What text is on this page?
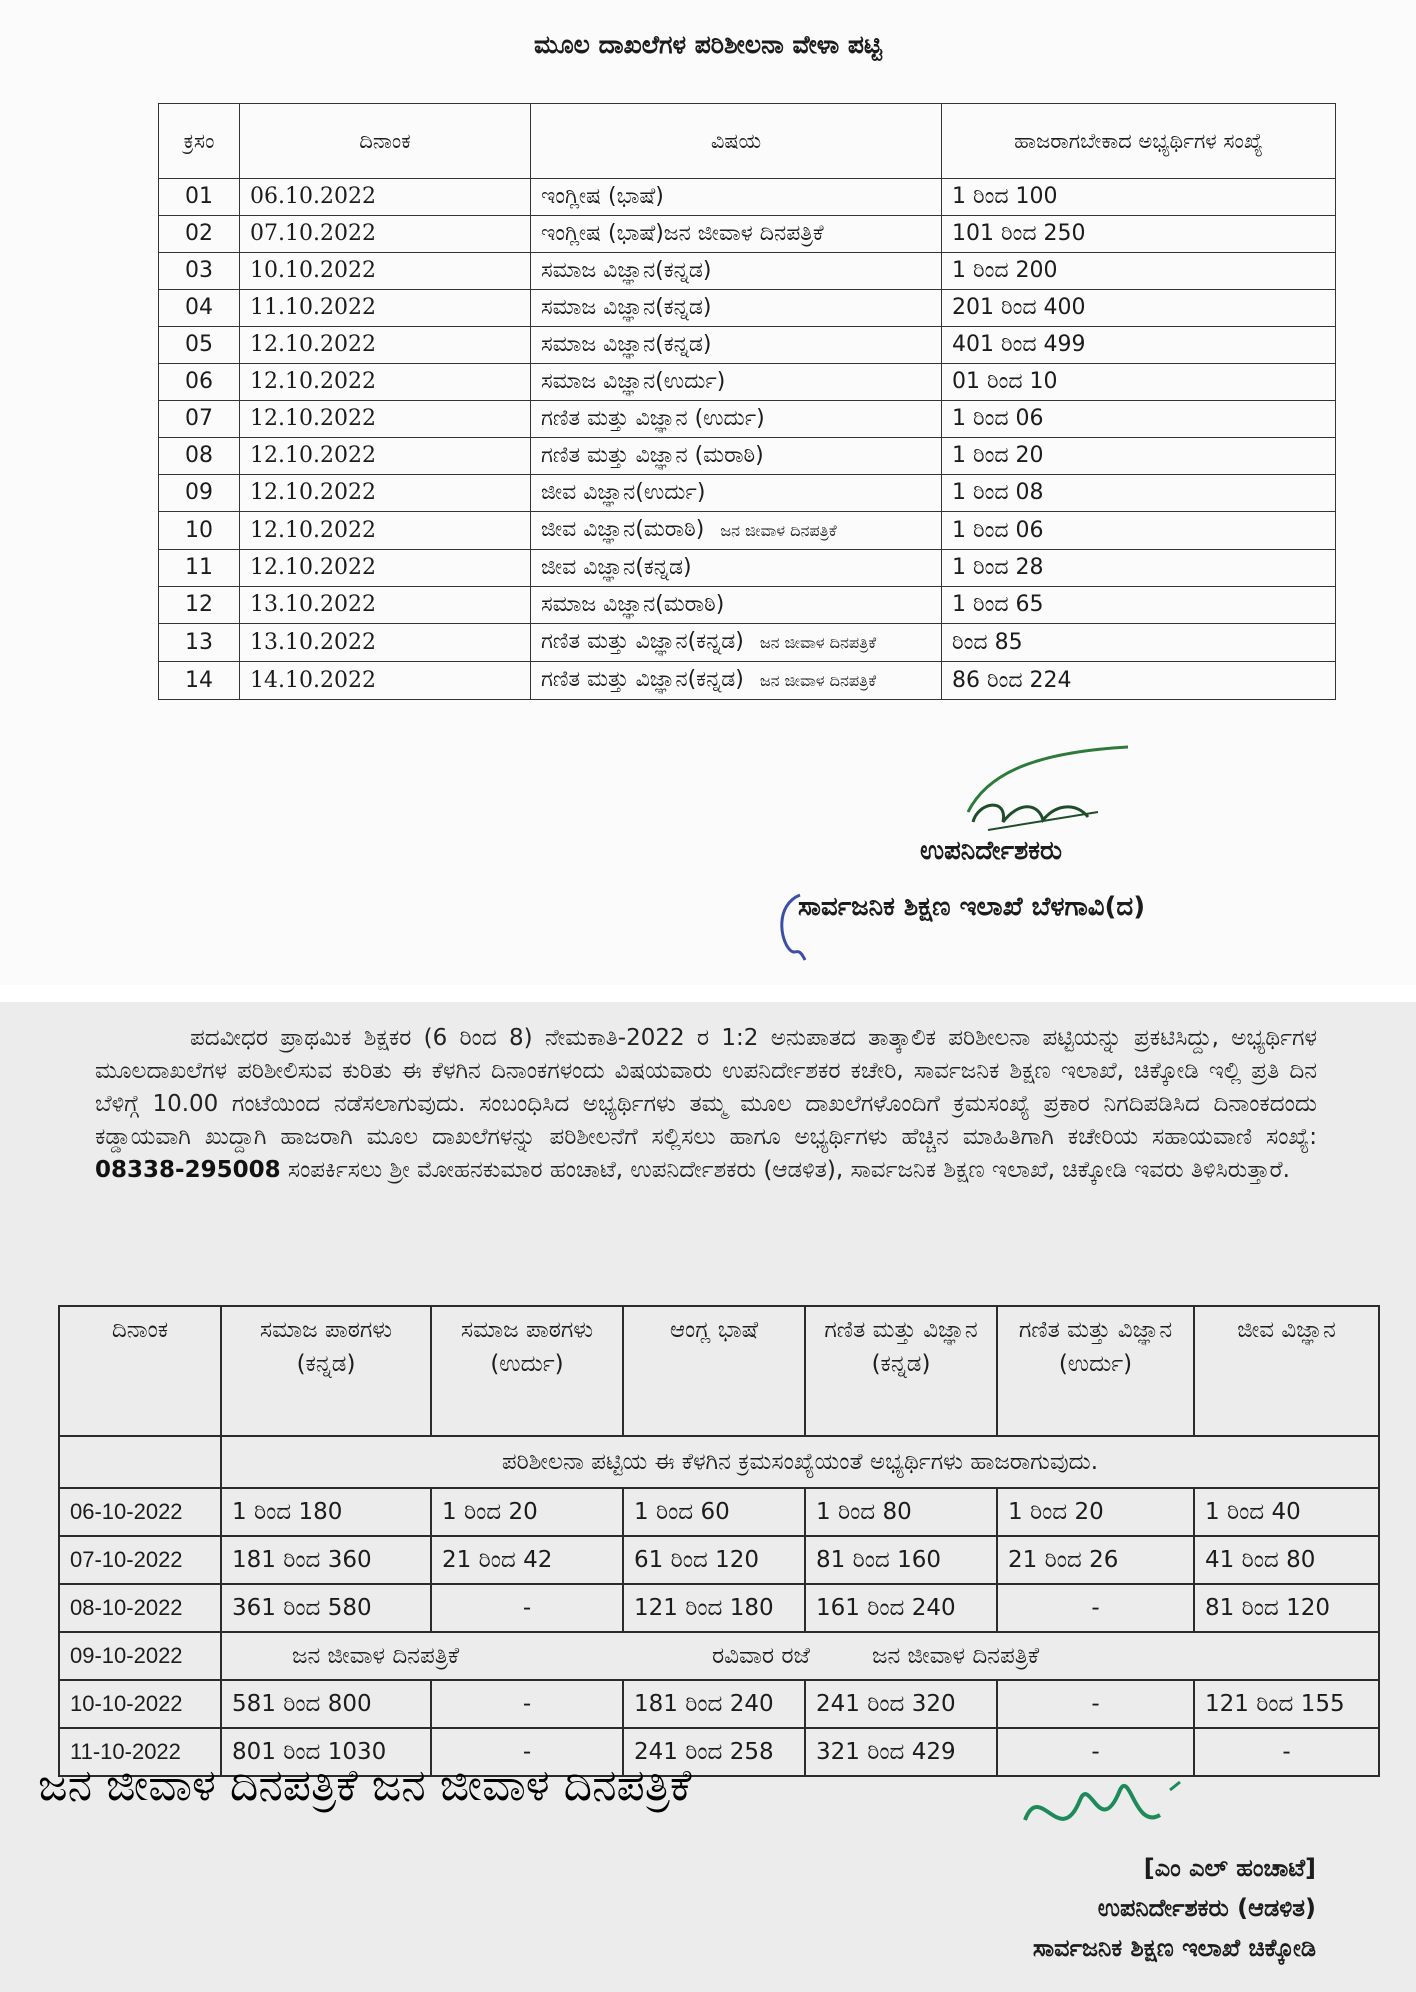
ಮೂಲ ದಾಖಲೆಗಳ ಪರಿಶೀಲನಾ ವೇಳಾ ಪಟ್ಟಿ
ಕ್ರಸಂ	ದಿನಾಂಕ	ವಿಷಯ	ಹಾಜರಾಗಬೇಕಾದ ಅಭ್ಯರ್ಥಿಗಳ ಸಂಖ್ಯೆ
01	06.10.2022	ಇಂಗ್ಲೀಷ (ಭಾಷೆ)	1 ರಿಂದ 100
02	07.10.2022	ಇಂಗ್ಲೀಷ (ಭಾಷೆ)ಜನ ಜೀವಾಳ ದಿನಪತ್ರಿಕೆ	101 ರಿಂದ 250
03	10.10.2022	ಸಮಾಜ ವಿಜ್ಞಾನ(ಕನ್ನಡ)	1 ರಿಂದ 200
04	11.10.2022	ಸಮಾಜ ವಿಜ್ಞಾನ(ಕನ್ನಡ)	201 ರಿಂದ 400
05	12.10.2022	ಸಮಾಜ ವಿಜ್ಞಾನ(ಕನ್ನಡ)	401 ರಿಂದ 499
06	12.10.2022	ಸಮಾಜ ವಿಜ್ಞಾನ(ಉರ್ದು)	01 ರಿಂದ 10
07	12.10.2022	ಗಣಿತ ಮತ್ತು ವಿಜ್ಞಾನ (ಉರ್ದು)	1 ರಿಂದ 06
08	12.10.2022	ಗಣಿತ ಮತ್ತು ವಿಜ್ಞಾನ (ಮರಾಠಿ)	1 ರಿಂದ 20
09	12.10.2022	ಜೀವ ವಿಜ್ಞಾನ(ಉರ್ದು)	1 ರಿಂದ 08
10	12.10.2022	ಜೀವ ವಿಜ್ಞಾನ(ಮರಾಠಿ) ಜನ ಜೀವಾಳ ದಿನಪತ್ರಿಕೆ	1 ರಿಂದ 06
11	12.10.2022	ಜೀವ ವಿಜ್ಞಾನ(ಕನ್ನಡ)	1 ರಿಂದ 28
12	13.10.2022	ಸಮಾಜ ವಿಜ್ಞಾನ(ಮರಾಠಿ)	1 ರಿಂದ 65
13	13.10.2022	ಗಣಿತ ಮತ್ತು ವಿಜ್ಞಾನ(ಕನ್ನಡ) ಜನ ಜೀವಾಳ ದಿನಪತ್ರಿಕೆ	ರಿಂದ 85
14	14.10.2022	ಗಣಿತ ಮತ್ತು ವಿಜ್ಞಾನ(ಕನ್ನಡ) ಜನ ಜೀವಾಳ ದಿನಪತ್ರಿಕೆ	86 ರಿಂದ 224
ಉಪನಿರ್ದೇಶಕರು
ಸಾರ್ವಜನಿಕ ಶಿಕ್ಷಣ ಇಲಾಖೆ ಬೆಳಗಾವಿ(ದ)
ಪದವೀಧರ ಪ್ರಾಥಮಿಕ ಶಿಕ್ಷಕರ (6 ರಿಂದ 8) ನೇಮಕಾತಿ-2022 ರ 1:2 ಅನುಪಾತದ ತಾತ್ಕಾಲಿಕ ಪರಿಶೀಲನಾ ಪಟ್ಟಿಯನ್ನು ಪ್ರಕಟಿಸಿದ್ದು, ಅಭ್ಯರ್ಥಿಗಳ ಮೂಲದಾಖಲೆಗಳ ಪರಿಶೀಲಿಸುವ ಕುರಿತು ಈ ಕೆಳಗಿನ ದಿನಾಂಕಗಳಂದು ವಿಷಯವಾರು ಉಪನಿರ್ದೇಶಕರ ಕಚೇರಿ, ಸಾರ್ವಜನಿಕ ಶಿಕ್ಷಣ ಇಲಾಖೆ, ಚಿಕ್ಕೋಡಿ ಇಲ್ಲಿ ಪ್ರತಿ ದಿನ ಬೆಳಿಗ್ಗೆ 10.00 ಗಂಟೆಯಿಂದ ನಡೆಸಲಾಗುವುದು. ಸಂಬಂಧಿಸಿದ ಅಭ್ಯರ್ಥಿಗಳು ತಮ್ಮ ಮೂಲ ದಾಖಲೆಗಳೊಂದಿಗೆ ಕ್ರಮಸಂಖ್ಯೆ ಪ್ರಕಾರ ನಿಗದಿಪಡಿಸಿದ ದಿನಾಂಕದಂದು ಕಡ್ಡಾಯವಾಗಿ ಖುದ್ದಾಗಿ ಹಾಜರಾಗಿ ಮೂಲ ದಾಖಲೆಗಳನ್ನು ಪರಿಶೀಲನೆಗೆ ಸಲ್ಲಿಸಲು ಹಾಗೂ ಅಭ್ಯರ್ಥಿಗಳು ಹೆಚ್ಚಿನ ಮಾಹಿತಿಗಾಗಿ ಕಚೇರಿಯ ಸಹಾಯವಾಣಿ ಸಂಖ್ಯೆ: 08338-295008 ಸಂಪರ್ಕಿಸಲು ಶ್ರೀ ಮೋಹನಕುಮಾರ ಹಂಚಾಟೆ, ಉಪನಿರ್ದೇಶಕರು (ಆಡಳಿತ), ಸಾರ್ವಜನಿಕ ಶಿಕ್ಷಣ ಇಲಾಖೆ, ಚಿಕ್ಕೋಡಿ ಇವರು ತಿಳಿಸಿರುತ್ತಾರೆ.
ದಿನಾಂಕ	ಸಮಾಜ ಪಾಠಗಳು (ಕನ್ನಡ)	ಸಮಾಜ ಪಾಠಗಳು (ಉರ್ದು)	ಆಂಗ್ಲ ಭಾಷೆ	ಗಣಿತ ಮತ್ತು ವಿಜ್ಞಾನ (ಕನ್ನಡ)	ಗಣಿತ ಮತ್ತು ವಿಜ್ಞಾನ (ಉರ್ದು)	ಜೀವ ವಿಜ್ಞಾನ
	ಪರಿಶೀಲನಾ ಪಟ್ಟಿಯ ಈ ಕೆಳಗಿನ ಕ್ರಮಸಂಖ್ಯೆಯಂತೆ ಅಭ್ಯರ್ಥಿಗಳು ಹಾಜರಾಗುವುದು.					
06-10-2022	1 ರಿಂದ 180	1 ರಿಂದ 20	1 ರಿಂದ 60	1 ರಿಂದ 80	1 ರಿಂದ 20	1 ರಿಂದ 40
07-10-2022	181 ರಿಂದ 360	21 ರಿಂದ 42	61 ರಿಂದ 120	81 ರಿಂದ 160	21 ರಿಂದ 26	41 ರಿಂದ 80
08-10-2022	361 ರಿಂದ 580	-	121 ರಿಂದ 180	161 ರಿಂದ 240	-	81 ರಿಂದ 120
09-10-2022	ಜನ ಜೀವಾಳ ದಿನಪತ್ರಿಕೆ ರವಿವಾರ ರಜೆ ಜನ ಜೀವಾಳ ದಿನಪತ್ರಿಕೆ					

10-10-2022	581 ರಿಂದ 800	-	181 ರಿಂದ 240	241 ರಿಂದ 320	-	121 ರಿಂದ 155
11-10-2022	801 ರಿಂದ 1030	-	241 ರಿಂದ 258	321 ರಿಂದ 429	-	-
ಜನ ಜೀವಾಳ ದಿನಪತ್ರಿಕೆ ಜನ ಜೀವಾಳ ದಿನಪತ್ರಿಕೆ
[ಎಂ ಎಲ್ ಹಂಚಾಟೆ]
ಉಪನಿರ್ದೇಶಕರು (ಆಡಳಿತ)
ಸಾರ್ವಜನಿಕ ಶಿಕ್ಷಣ ಇಲಾಖೆ ಚಿಕ್ಕೋಡಿ
